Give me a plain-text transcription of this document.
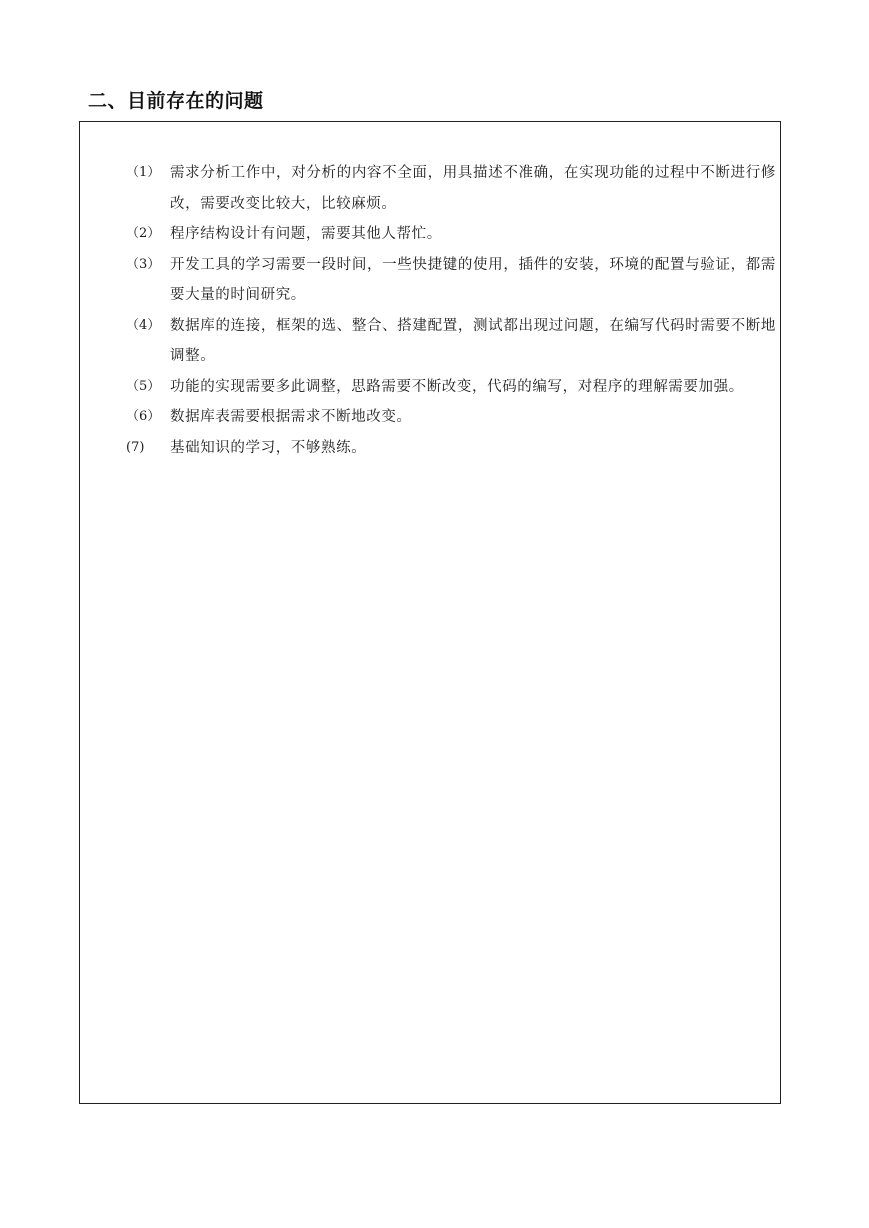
二、目前存在的问题
（1） 需求分析工作中，对分析的内容不全面，用具描述不准确，在实现功能的过程中不断进行修改，需要改变比较大，比较麻烦。
（2） 程序结构设计有问题，需要其他人帮忙。
（3） 开发工具的学习需要一段时间，一些快捷键的使用，插件的安装，环境的配置与验证，都需要大量的时间研究。
（4） 数据库的连接，框架的选、整合、搭建配置，测试都出现过问题，在编写代码时需要不断地调整。
（5） 功能的实现需要多此调整，思路需要不断改变，代码的编写，对程序的理解需要加强。
（6） 数据库表需要根据需求不断地改变。
(7)	基础知识的学习，不够熟练。
